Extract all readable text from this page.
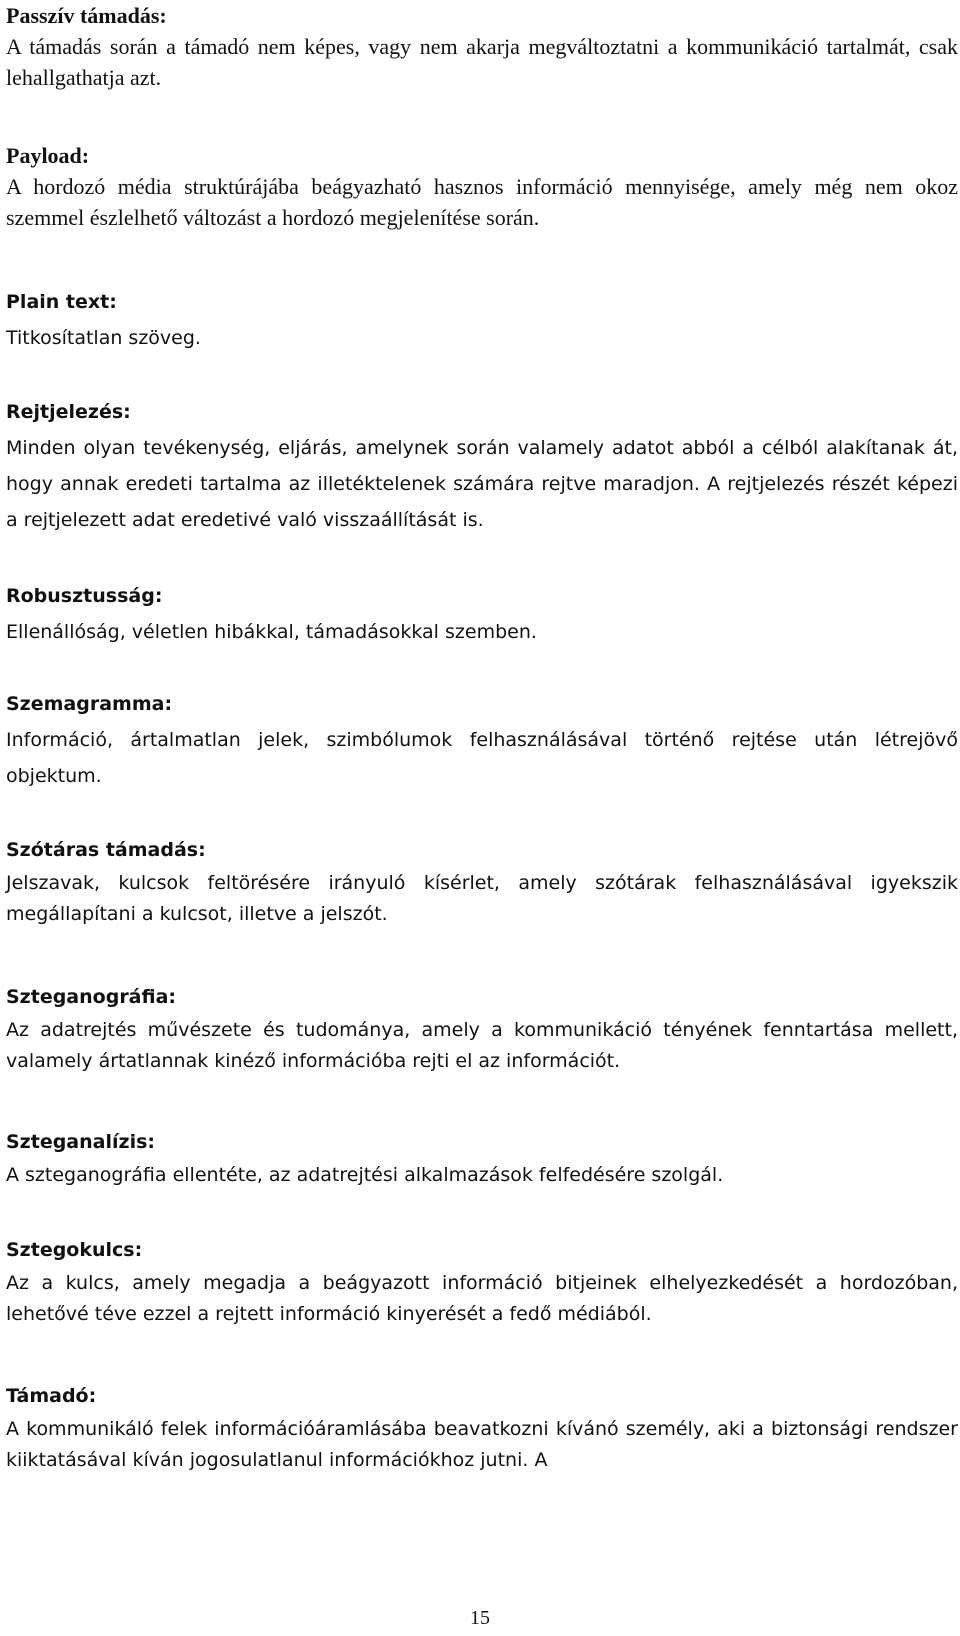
Passzív támadás:
A támadás során a támadó nem képes, vagy nem akarja megváltoztatni a kommunikáció tartalmát, csak lehallgathatja azt.
Payload:
A hordozó média struktúrájába beágyazható hasznos információ mennyisége, amely még nem okoz szemmel észlelhető változást a hordozó megjelenítése során.
Plain text:
Titkosítatlan szöveg.
Rejtjelezés:
Minden olyan tevékenység, eljárás, amelynek során valamely adatot abból a célból alakítanak át, hogy annak eredeti tartalma az illetéktelenek számára rejtve maradjon. A rejtjelezés részét képezi a rejtjelezett adat eredetivé való visszaállítását is.
Robusztusság:
Ellenállóság, véletlen hibákkal, támadásokkal szemben.
Szemagramma:
Információ, ártalmatlan jelek, szimbólumok felhasználásával történő rejtése után létrejövő objektum.
Szótáras támadás:
Jelszavak, kulcsok feltörésére irányuló kísérlet, amely szótárak felhasználásával igyekszik megállapítani a kulcsot, illetve a jelszót.
Szteganográfia:
Az adatrejtés művészete és tudománya, amely a kommunikáció tényének fenntartása mellett, valamely ártatlannak kinéző információba rejti el az információt.
Szteganalízis:
A szteganográfia ellentéte, az adatrejtési alkalmazások felfedésére szolgál.
Sztegokulcs:
Az a kulcs, amely megadja a beágyazott információ bitjeinek elhelyezkedését a hordozóban, lehetővé téve ezzel a rejtett információ kinyerését a fedő médiából.
Támadó:
A kommunikáló felek információáramlásába beavatkozni kívánó személy, aki a biztonsági rendszer kiiktatásával kíván jogosulatlanul információkhoz jutni. A
15
